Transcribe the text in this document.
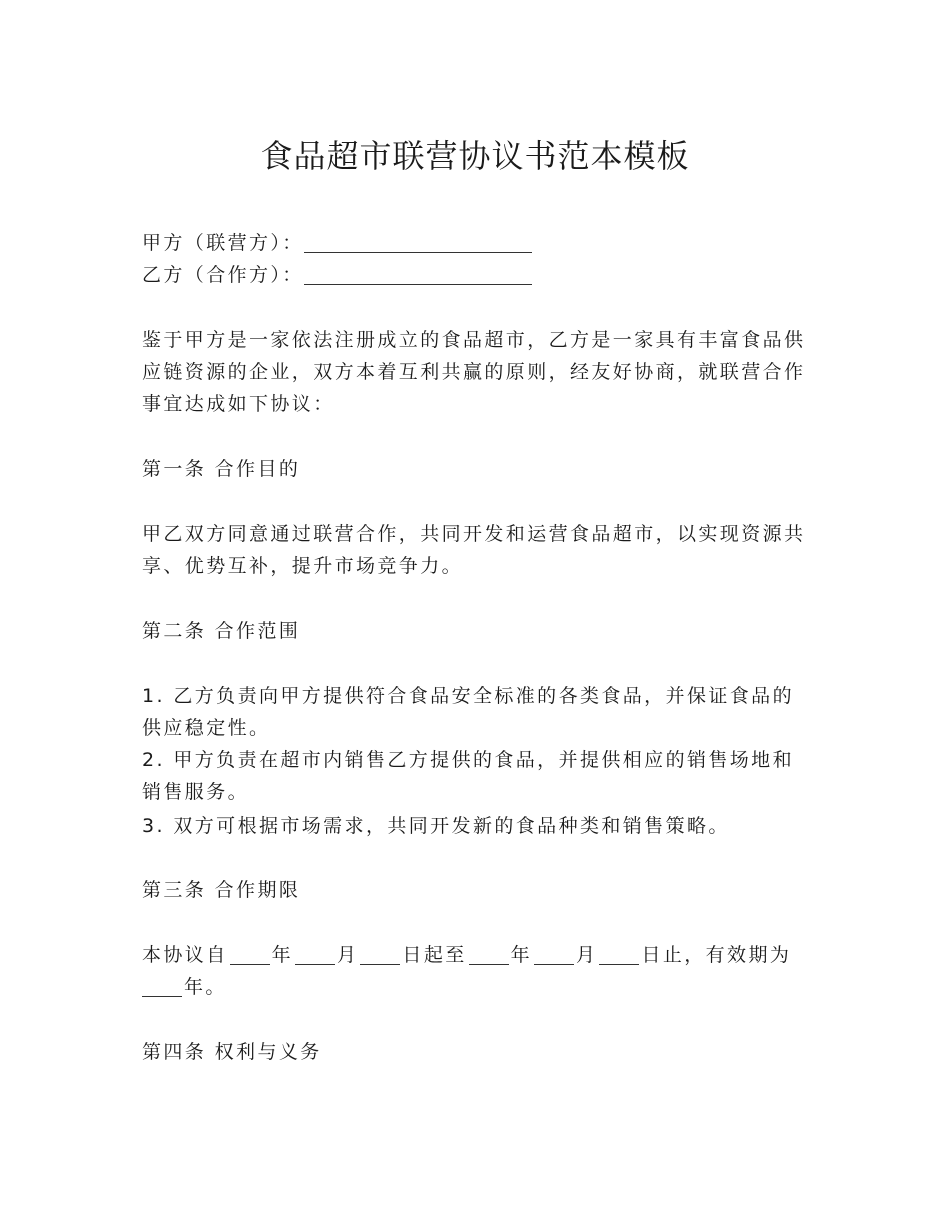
食品超市联营协议书范本模板
甲方（联营方）：
乙方（合作方）：
鉴于甲方是一家依法注册成立的食品超市，乙方是一家具有丰富食品供应链资源的企业，双方本着互利共赢的原则，经友好协商，就联营合作事宜达成如下协议：
第一条 合作目的
甲乙双方同意通过联营合作，共同开发和运营食品超市，以实现资源共享、优势互补，提升市场竞争力。
第二条 合作范围
1. 乙方负责向甲方提供符合食品安全标准的各类食品，并保证食品的供应稳定性。
2. 甲方负责在超市内销售乙方提供的食品，并提供相应的销售场地和销售服务。
3. 双方可根据市场需求，共同开发新的食品种类和销售策略。
第三条 合作期限
本协议自 年 月 日起至 年 月 日止，有效期为
年。
第四条 权利与义务
